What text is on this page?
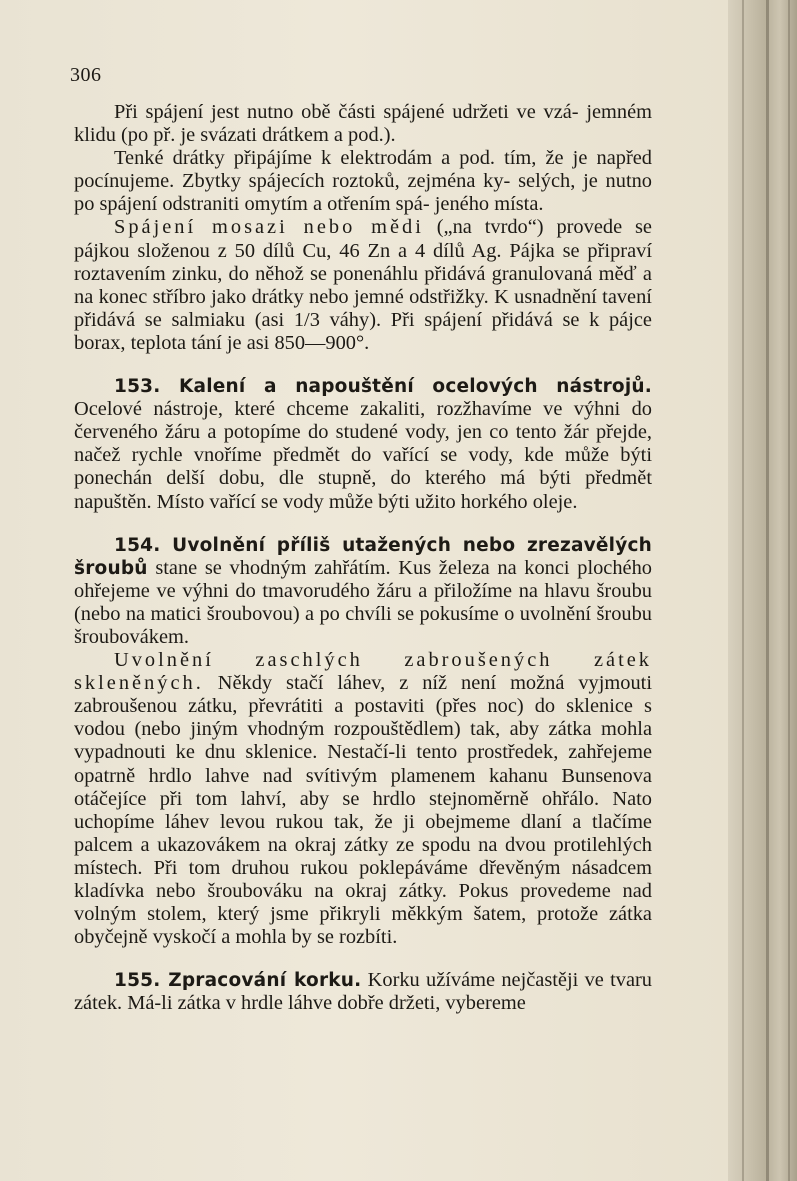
306

Při spájení jest nutno obě části spájené udržeti ve vzá- jemném klidu (po př. je svázati drátkem a pod.).
Tenké drátky připájíme k elektrodám a pod. tím, že je napřed pocínujeme. Zbytky spájecích roztoků, zejména ky- selých, je nutno po spájení odstraniti omytím a otřením spá- jeného místa.

Spájení mosazi nebo mědi („na tvrdo“) provede se pájkou složenou z 50 dílů Cu, 46 Zn a 4 dílů Ag. Pájka se připraví roztavením zinku, do něhož se ponenáhlu přidává granulovaná měď a na konec stříbro jako drátky nebo jemné odstřižky. K usnadnění tavení přidává se salmiaku (asi 1/3 váhy). Při spájení přidává se k pájce borax, teplota tání je asi 850—900°.

153. Kalení a napouštění ocelových nástrojů. Ocelové nástroje, které chceme zakaliti, rozžhavíme ve výhni do červeného žáru a potopíme do studené vody, jen co tento žár přejde, načež rychle vnoříme předmět do vařící se vody, kde může býti ponechán delší dobu, dle stupně, do kterého má býti předmět napuštěn. Místo vařící se vody může býti užito horkého oleje.

154. Uvolnění příliš utažených nebo zrezavělých šroubů stane se vhodným zahřátím. Kus železa na konci plochého ohřejeme ve výhni do tmavorudého žáru a přiložíme na hlavu šroubu (nebo na matici šroubovou) a po chvíli se pokusíme o uvolnění šroubu šroubovákem.

Uvolnění zaschlých zabroušených zátek skleněných. Někdy stačí láhev, z níž není možná vyjmouti zabroušenou zátku, převrátiti a postaviti (přes noc) do sklenice s vodou (nebo jiným vhodným rozpouštědlem) tak, aby zátka mohla vypadnouti ke dnu sklenice. Nestačí-li tento prostředek, zahřejeme opatrně hrdlo lahve nad svítivým plamenem kahanu Bunsenova otáčejíce při tom lahví, aby se hrdlo stejnoměrně ohřálo. Nato uchopíme láhev levou rukou tak, že ji obejmeme dlaní a tlačíme palcem a ukazovákem na okraj zátky ze spodu na dvou protilehlých místech. Při tom druhou rukou poklepáváme dřevěným násadcem kladívka nebo šroubováku na okraj zátky. Pokus provedeme nad volným stolem, který jsme přikryli měkkým šatem, protože zátka obyčejně vyskočí a mohla by se rozbíti.

155. Zpracování korku. Korku užíváme nejčastěji ve tvaru zátek. Má-li zátka v hrdle láhve dobře držeti, vybereme
